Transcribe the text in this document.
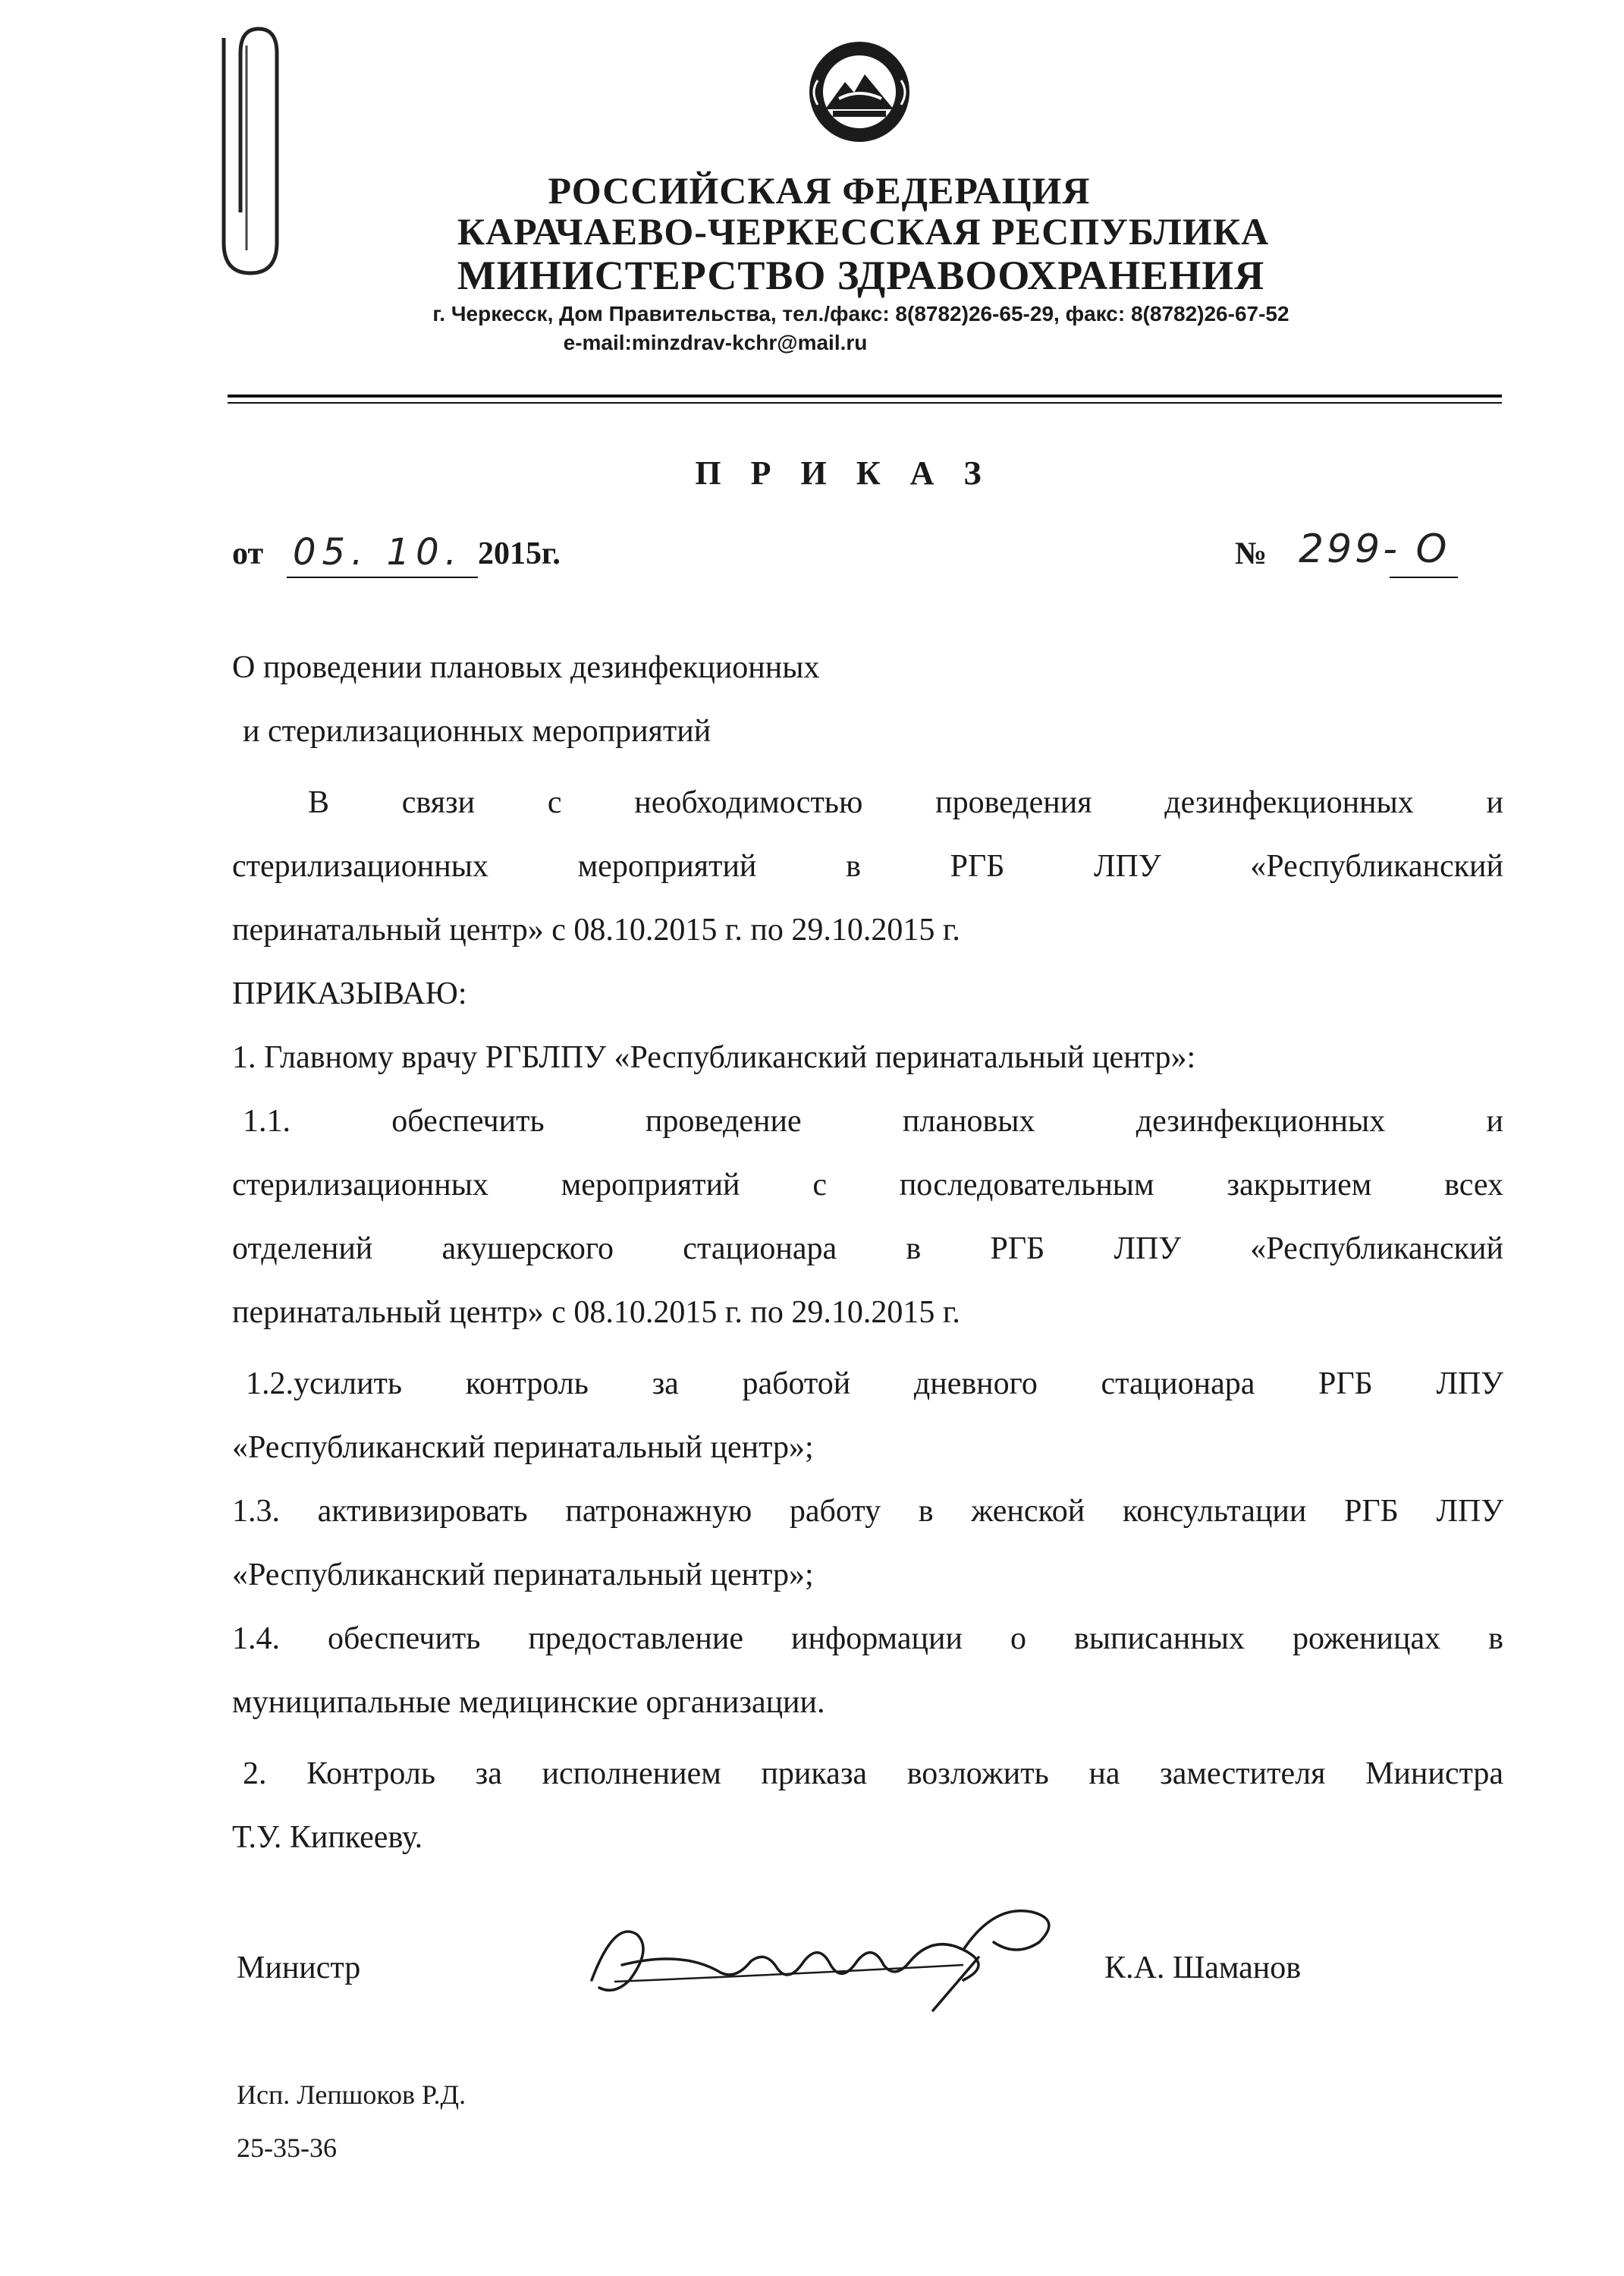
РОССИЙСКАЯ ФЕДЕРАЦИЯ
КАРАЧАЕВО-ЧЕРКЕССКАЯ РЕСПУБЛИКА
МИНИСТЕРСТВО ЗДРАВООХРАНЕНИЯ
г. Черкесск, Дом Правительства, тел./факс: 8(8782)26-65-29, факс: 8(8782)26-67-52
e-mail:minzdrav-kchr@mail.ru
П Р И К А З
от 05. 10. 2015г.	№ 299- О
О проведении плановых дезинфекционных
и стерилизационных мероприятий
В связи с необходимостью проведения дезинфекционных и
стерилизационных мероприятий в РГБ ЛПУ «Республиканский
перинатальный центр» с 08.10.2015 г. по 29.10.2015 г.
ПРИКАЗЫВАЮ:
1. Главному врачу РГБЛПУ «Республиканский перинатальный центр»:
1.1. обеспечить проведение плановых дезинфекционных и
стерилизационных мероприятий с последовательным закрытием всех
отделений акушерского стационара в РГБ ЛПУ «Республиканский
перинатальный центр» с 08.10.2015 г. по 29.10.2015 г.
1.2.усилить контроль за работой дневного стационара РГБ ЛПУ
«Республиканский перинатальный центр»;
1.3. активизировать патронажную работу в женской консультации РГБ ЛПУ
«Республиканский перинатальный центр»;
1.4. обеспечить предоставление информации о выписанных роженицах в
муниципальные медицинские организации.
2. Контроль за исполнением приказа возложить на заместителя Министра
Т.У. Кипкееву.
Министр	К.А. Шаманов
Исп. Лепшоков Р.Д.
25-35-36
